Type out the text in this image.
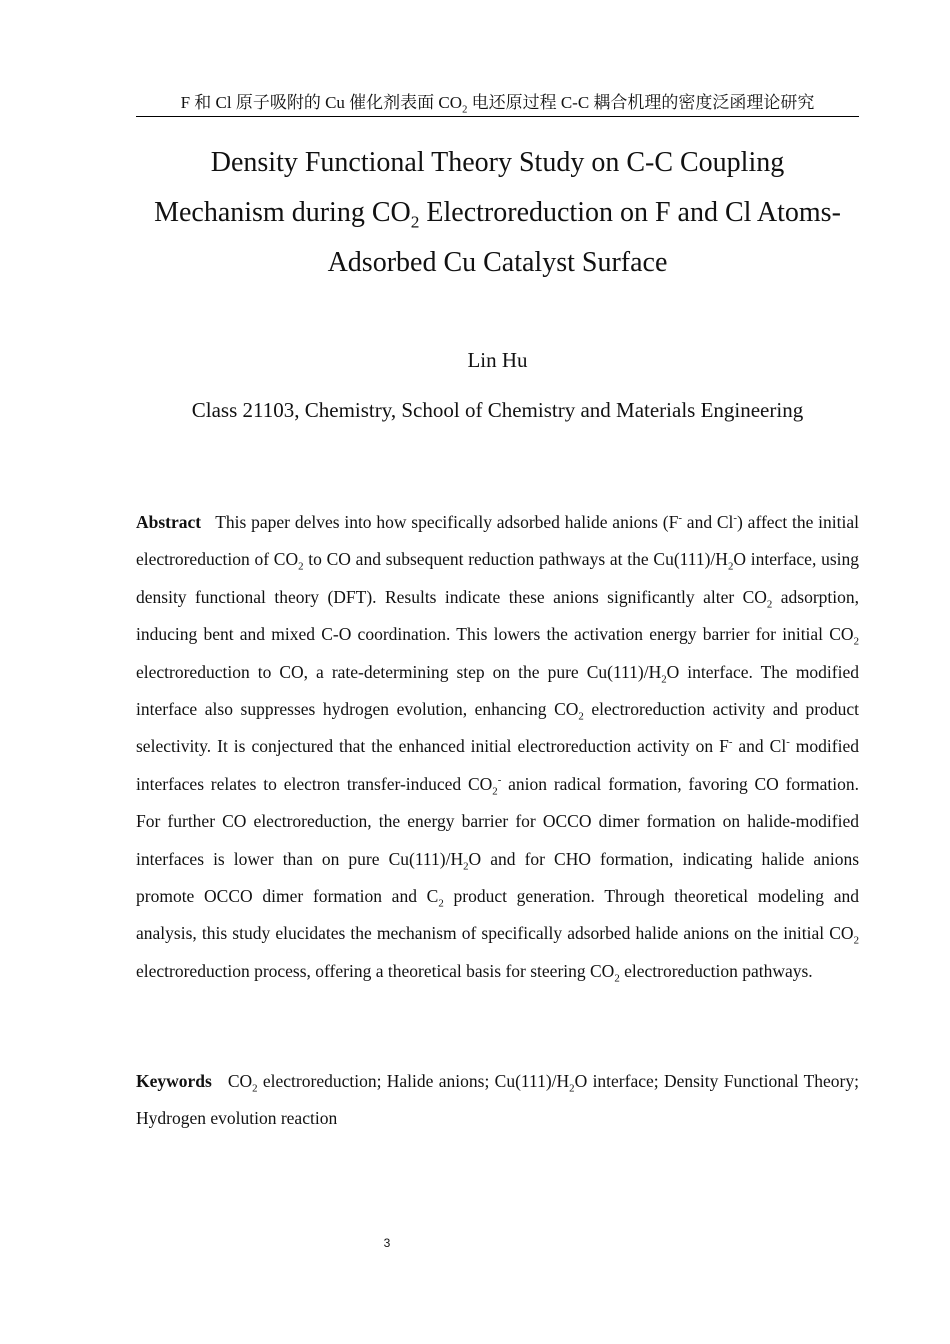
F 和 Cl 原子吸附的 Cu 催化剂表面 $CO_2$ 电还原过程 C-C 耦合机理的密度泛函理论研究
Density Functional Theory Study on C-C Coupling
Mechanism during $CO_2$ Electroreduction on F and Cl Atoms-
Adsorbed Cu Catalyst Surface
Lin Hu
Class 21103, Chemistry, School of Chemistry and Materials Engineering
Abstract This paper delves into how specifically adsorbed halide anions (F- and Cl-) affect the initial electroreduction of $CO_2$ to CO and subsequent reduction pathways at the $Cu(111)/H_2O$ interface, using density functional theory (DFT). Results indicate these anions significantly alter $CO_2$ adsorption, inducing bent and mixed C-O coordination. This lowers the activation energy barrier for initial $CO_2$ electroreduction to CO, a rate-determining step on the pure $Cu(111)/H_2O$ interface. The modified interface also suppresses hydrogen evolution, enhancing $CO_2$ electroreduction activity and product selectivity. It is conjectured that the enhanced initial electroreduction activity on F- and Cl- modified interfaces relates to electron transfer-induced $CO_2^-$ anion radical formation, favoring CO formation. For further CO electroreduction, the energy barrier for OCCO dimer formation on halide-modified interfaces is lower than on pure $Cu(111)/H_2O$ and for CHO formation, indicating halide anions promote OCCO dimer formation and $C_2$ product generation. Through theoretical modeling and analysis, this study elucidates the mechanism of specifically adsorbed halide anions on the initial $CO_2$ electroreduction process, offering a theoretical basis for steering $CO_2$ electroreduction pathways.
Keywords $CO_2$ electroreduction; Halide anions; $Cu(111)/H_2O$ interface; Density Functional Theory; Hydrogen evolution reaction
3
